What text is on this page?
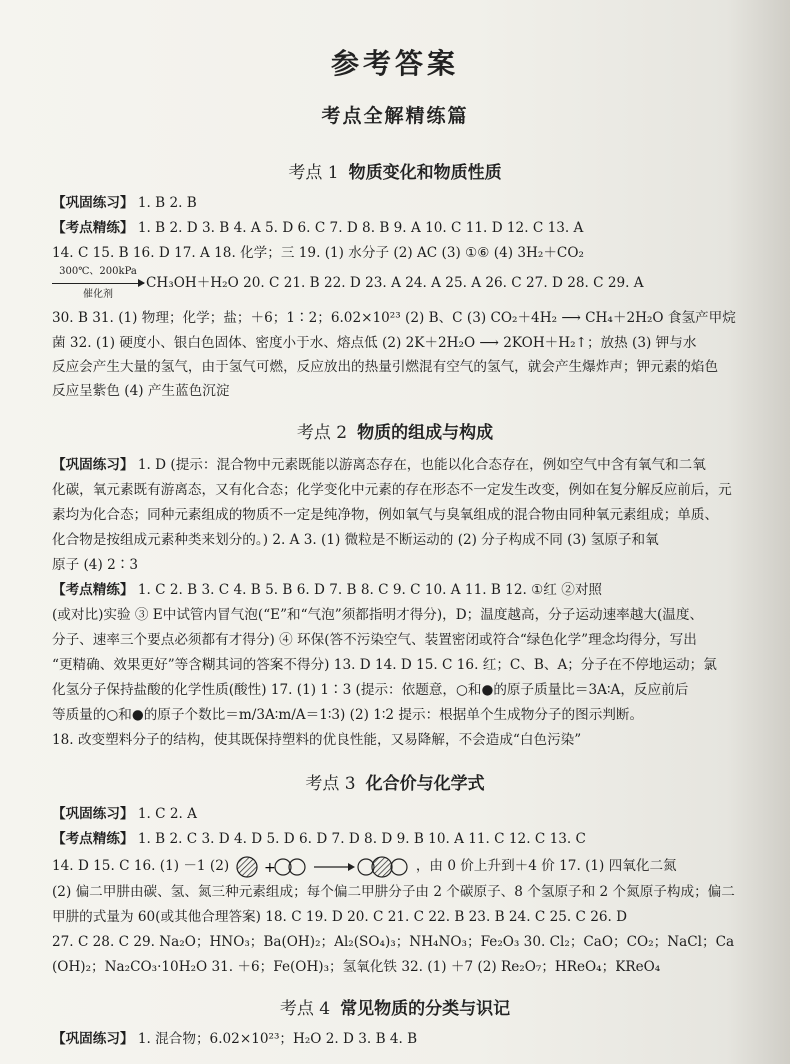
参考答案
考点全解精练篇
考点 1 物质变化和物质性质
【巩固练习】 1. B 2. B
【考点精练】 1. B 2. D 3. B 4. A 5. D 6. C 7. D 8. B 9. A 10. C 11. D 12. C 13. A
14. C 15. B 16. D 17. A 18. 化学；三 19. (1) 水分子 (2) AC (3) ①⑥ (4) 3H₂＋CO₂
300℃、200kPa
催化剂
CH₃OH＋H₂O 20. C 21. B 22. D 23. A 24. A 25. A 26. C 27. D 28. C 29. A
30. B 31. (1) 物理；化学；盐；＋6；1∶2；6.02×10²³ (2) B、C (3) CO₂＋4H₂ ⟶ CH₄＋2H₂O 食氢产甲烷
菌 32. (1) 硬度小、银白色固体、密度小于水、熔点低 (2) 2K＋2H₂O ⟶ 2KOH＋H₂↑；放热 (3) 钾与水
反应会产生大量的氢气，由于氢气可燃，反应放出的热量引燃混有空气的氢气，就会产生爆炸声；钾元素的焰色
反应呈紫色 (4) 产生蓝色沉淀
考点 2 物质的组成与构成
【巩固练习】 1. D (提示：混合物中元素既能以游离态存在，也能以化合态存在，例如空气中含有氧气和二氧
化碳，氧元素既有游离态，又有化合态；化学变化中元素的存在形态不一定发生改变，例如在复分解反应前后，元
素均为化合态；同种元素组成的物质不一定是纯净物，例如氧气与臭氧组成的混合物由同种氧元素组成；单质、
化合物是按组成元素种类来划分的。) 2. A 3. (1) 微粒是不断运动的 (2) 分子构成不同 (3) 氢原子和氧
原子 (4) 2∶3
【考点精练】 1. C 2. B 3. C 4. B 5. B 6. D 7. B 8. C 9. C 10. A 11. B 12. ①红 ②对照
(或对比)实验 ③ E中试管内冒气泡(“E”和“气泡”须都指明才得分)，D；温度越高，分子运动速率越大(温度、
分子、速率三个要点必须都有才得分) ④ 环保(答不污染空气、装置密闭或符合“绿色化学”理念均得分，写出
“更精确、效果更好”等含糊其词的答案不得分) 13. D 14. D 15. C 16. 红；C、B、A；分子在不停地运动；氯
化氢分子保持盐酸的化学性质(酸性) 17. (1) 1∶3 (提示：依题意，○和●的原子质量比＝3A∶A，反应前后
等质量的○和●的原子个数比＝m/3A∶m/A＝1∶3) (2) 1∶2 提示：根据单个生成物分子的图示判断。
18. 改变塑料分子的结构，使其既保持塑料的优良性能，又易降解，不会造成“白色污染”
考点 3 化合价与化学式
【巩固练习】 1. C 2. A
【考点精练】 1. B 2. C 3. D 4. D 5. D 6. D 7. D 8. D 9. B 10. A 11. C 12. C 13. C
14. D 15. C 16. (1) －1 (2) +	，由 0 价上升到＋4 价 17. (1) 四氧化二氮
(2) 偏二甲肼由碳、氢、氮三种元素组成；每个偏二甲肼分子由 2 个碳原子、8 个氢原子和 2 个氮原子构成；偏二
甲肼的式量为 60(或其他合理答案) 18. C 19. D 20. C 21. C 22. B 23. B 24. C 25. C 26. D
27. C 28. C 29. Na₂O；HNO₃；Ba(OH)₂；Al₂(SO₄)₃；NH₄NO₃；Fe₂O₃ 30. Cl₂；CaO；CO₂；NaCl；Ca
(OH)₂；Na₂CO₃·10H₂O 31. ＋6；Fe(OH)₃；氢氧化铁 32. (1) ＋7 (2) Re₂O₇；HReO₄；KReO₄
考点 4 常见物质的分类与识记
【巩固练习】 1. 混合物；6.02×10²³；H₂O 2. D 3. B 4. B
